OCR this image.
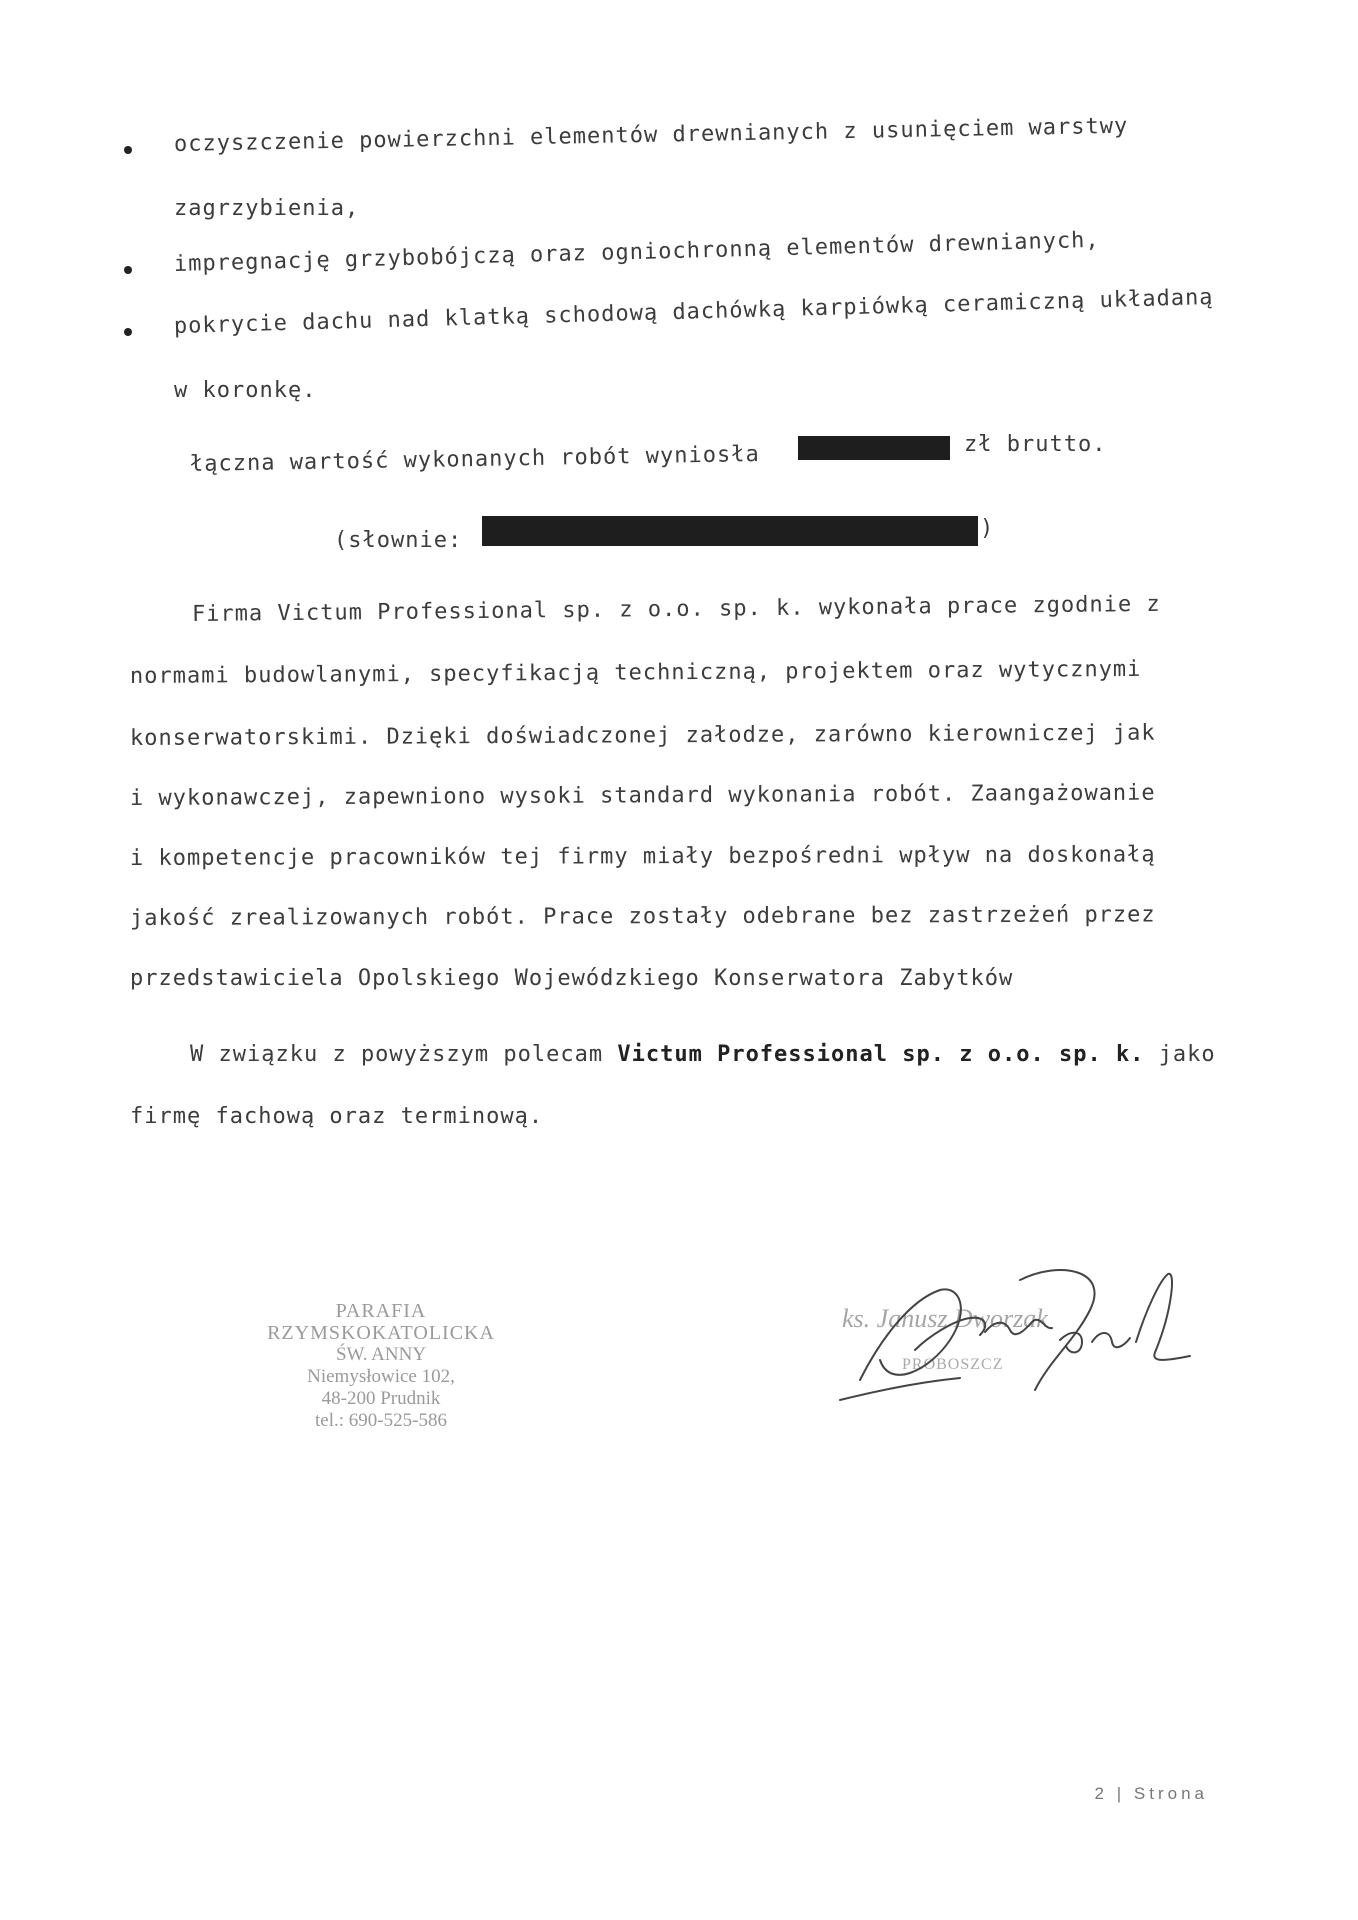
oczyszczenie powierzchni elementów drewnianych z usunięciem warstwy
zagrzybienia,
impregnację grzybobójczą oraz ogniochronną elementów drewnianych,
pokrycie dachu nad klatką schodową dachówką karpiówką ceramiczną układaną
w koronkę.
łączna wartość wykonanych robót wyniosła	zł brutto.
(słownie:	)
Firma Victum Professional sp. z o.o. sp. k. wykonała prace zgodnie z
normami budowlanymi, specyfikacją techniczną, projektem oraz wytycznymi
konserwatorskimi. Dzięki doświadczonej załodze, zarówno kierowniczej jak
i wykonawczej, zapewniono wysoki standard wykonania robót. Zaangażowanie
i kompetencje pracowników tej firmy miały bezpośredni wpływ na doskonałą
jakość zrealizowanych robót. Prace zostały odebrane bez zastrzeżeń przez
przedstawiciela Opolskiego Wojewódzkiego Konserwatora Zabytków
W związku z powyższym polecam Victum Professional sp. z o.o. sp. k. jako
firmę fachową oraz terminową.
PARAFIA RZYMSKOKATOLICKA
ŚW. ANNY
Niemysłowice 102,
48-200 Prudnik
tel.: 690-525-586
ks. Janusz Dworzak
PROBOSZCZ
2 | Strona
